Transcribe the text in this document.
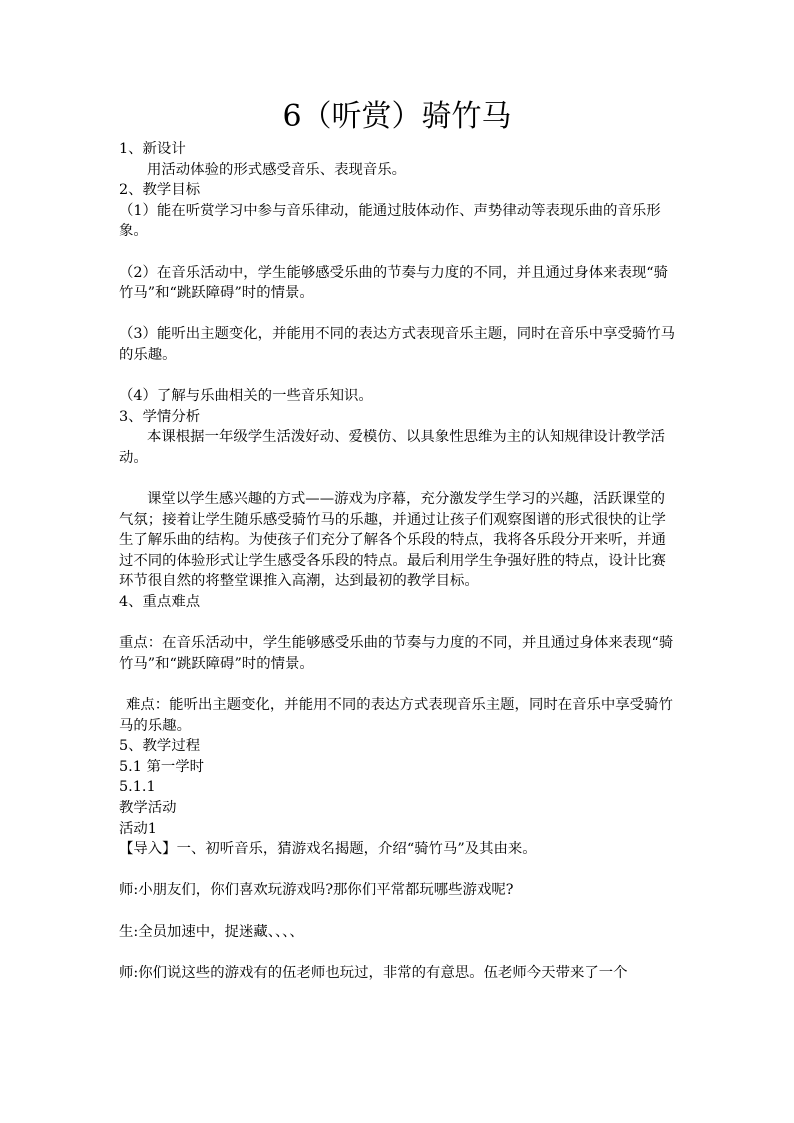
6（听赏）骑竹马

1、新设计

用活动体验的形式感受音乐、表现音乐。

2、教学目标

（1）能在听赏学习中参与音乐律动，能通过肢体动作、声势律动等表现乐曲的音乐形象。

（2）在音乐活动中，学生能够感受乐曲的节奏与力度的不同，并且通过身体来表现“骑竹马”和“跳跃障碍”时的情景。

（3）能听出主题变化，并能用不同的表达方式表现音乐主题，同时在音乐中享受骑竹马的乐趣。

（4）了解与乐曲相关的一些音乐知识。

3、学情分析

本课根据一年级学生活泼好动、爱模仿、以具象性思维为主的认知规律设计教学活动。

课堂以学生感兴趣的方式——游戏为序幕，充分激发学生学习的兴趣，活跃课堂的气氛；接着让学生随乐感受骑竹马的乐趣，并通过让孩子们观察图谱的形式很快的让学生了解乐曲的结构。为使孩子们充分了解各个乐段的特点，我将各乐段分开来听，并通过不同的体验形式让学生感受各乐段的特点。最后利用学生争强好胜的特点，设计比赛环节很自然的将整堂课推入高潮，达到最初的教学目标。

4、重点难点

重点：在音乐活动中，学生能够感受乐曲的节奏与力度的不同，并且通过身体来表现“骑竹马”和“跳跃障碍”时的情景。

难点：能听出主题变化，并能用不同的表达方式表现音乐主题，同时在音乐中享受骑竹马的乐趣。

5、教学过程

5.1 第一学时

5.1.1

教学活动

活动1

【导入】一、初听音乐，猜游戏名揭题，介绍“骑竹马”及其由来。

师:小朋友们，你们喜欢玩游戏吗?那你们平常都玩哪些游戏呢?

生:全员加速中，捉迷藏、、、、

师:你们说这些的游戏有的伍老师也玩过，非常的有意思。伍老师今天带来了一个
